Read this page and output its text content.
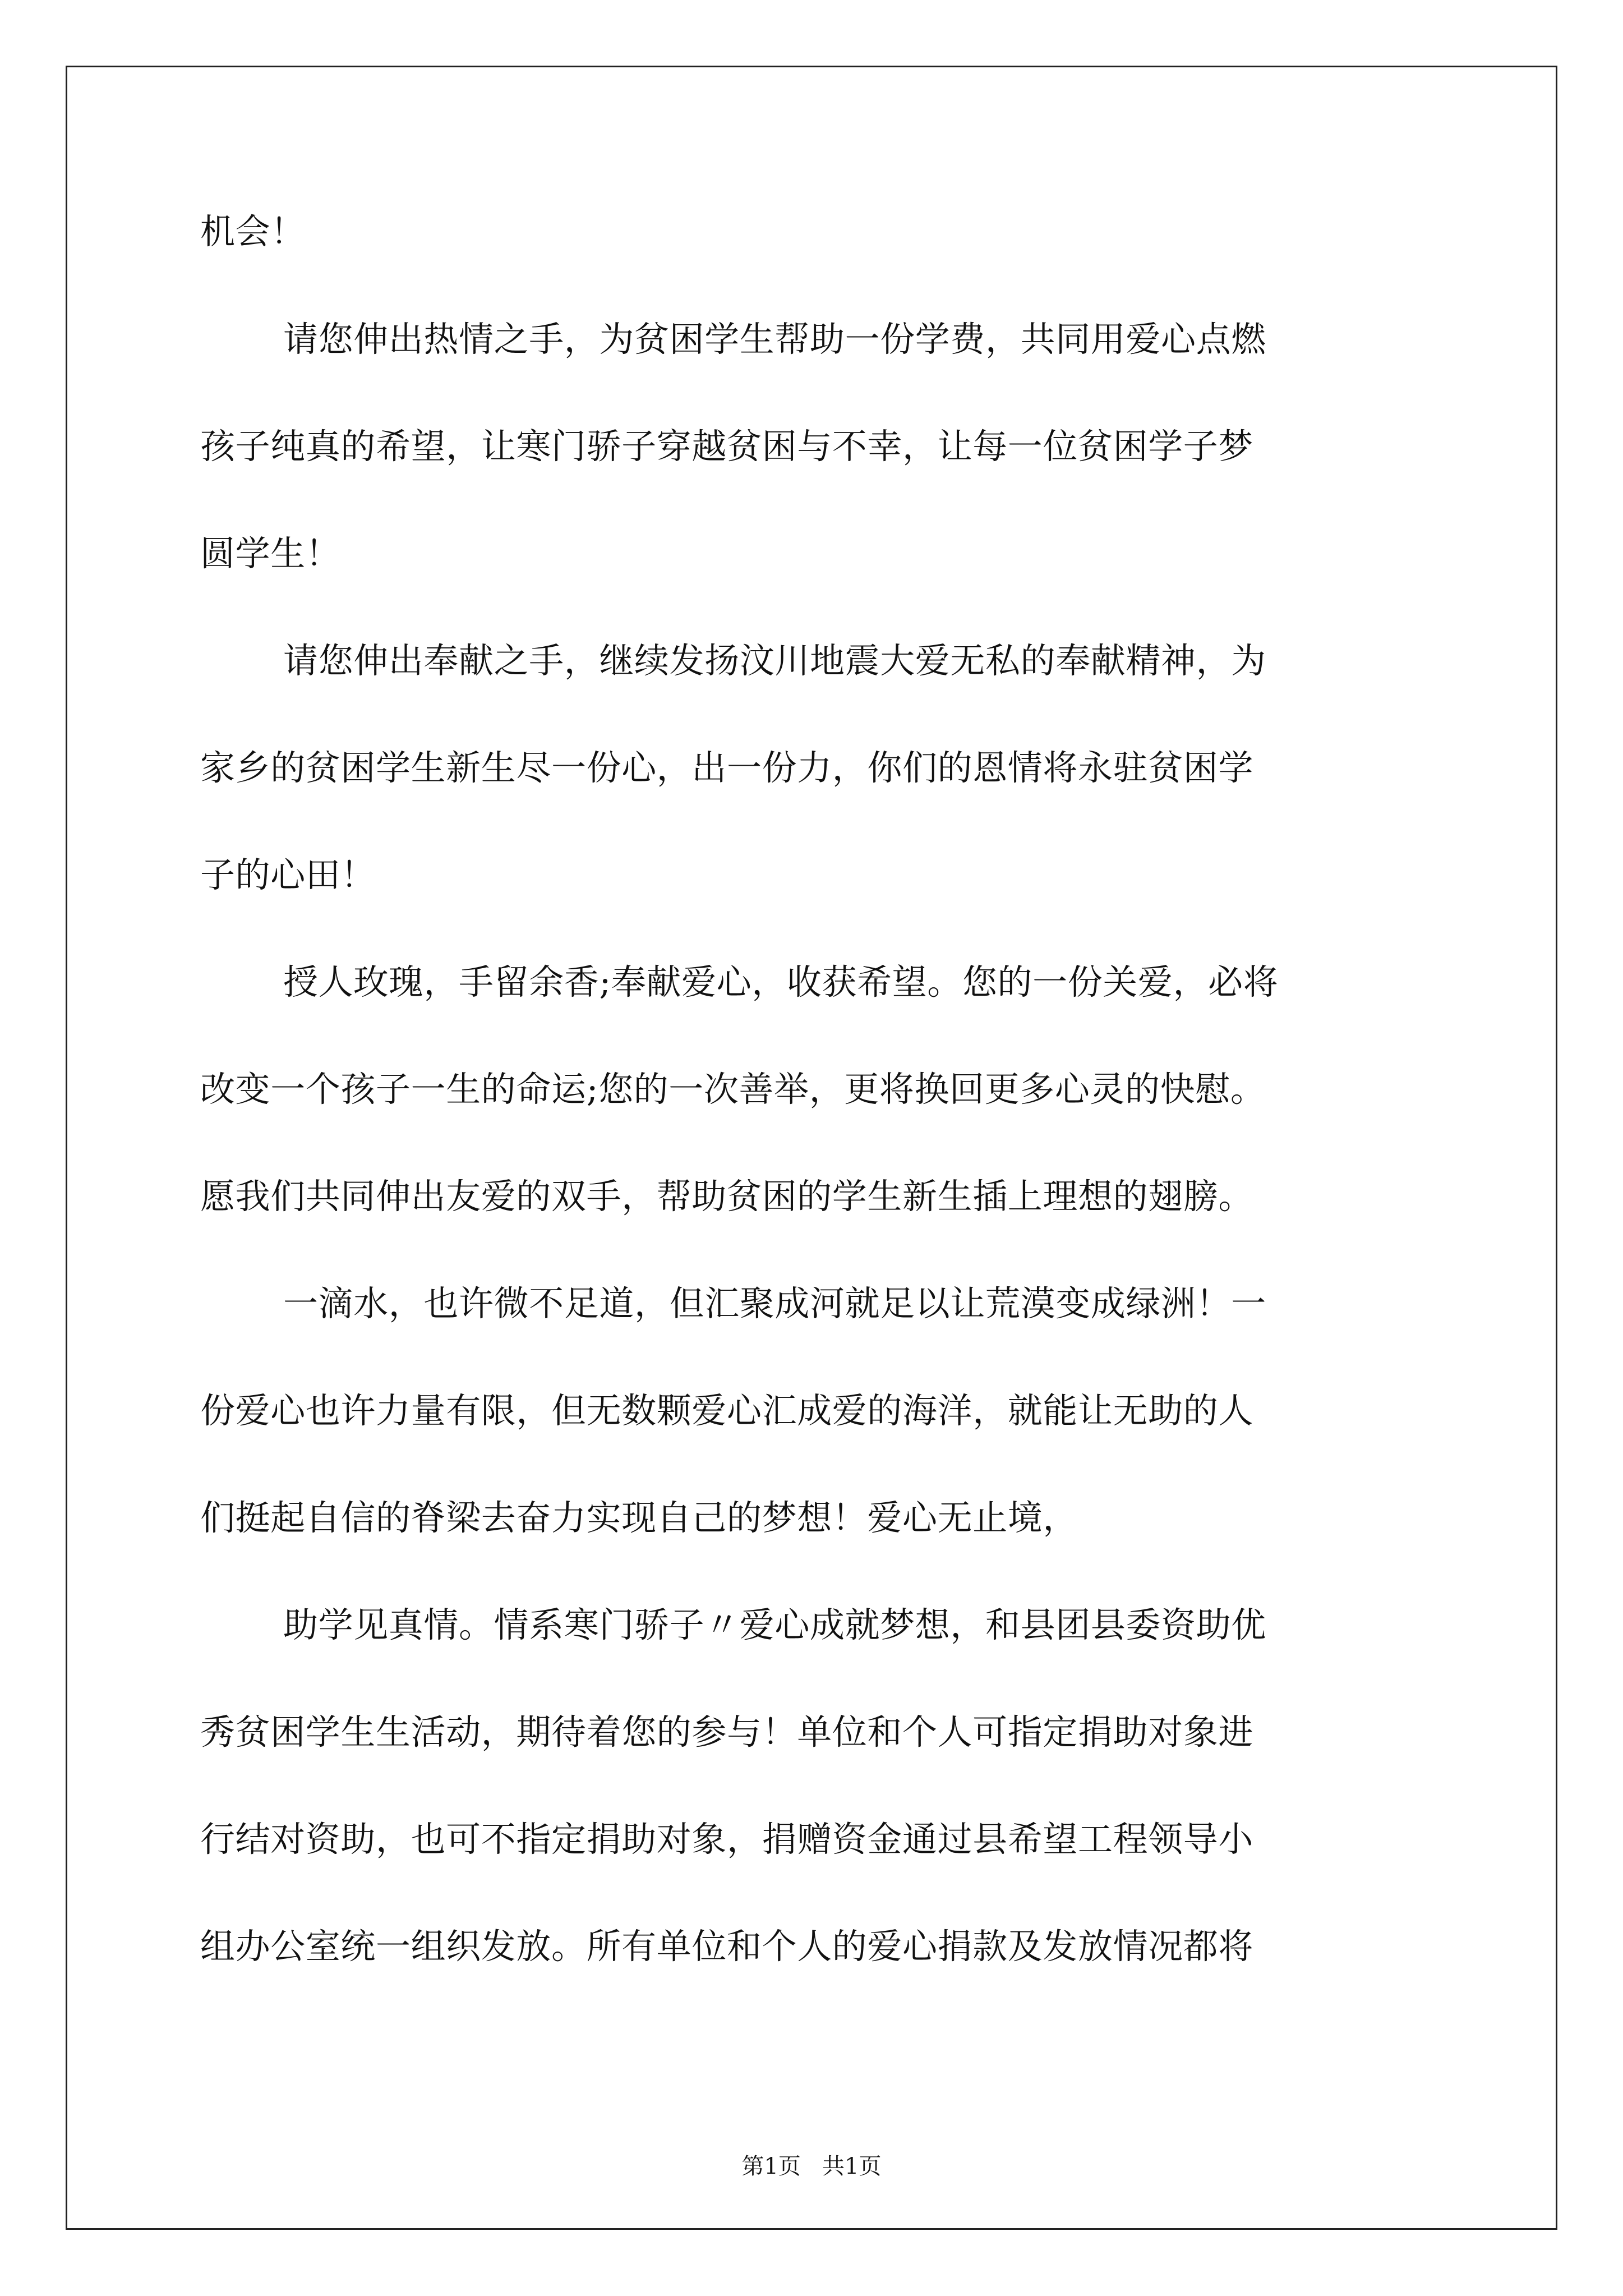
机会！
请您伸出热情之手，为贫困学生帮助一份学费，共同用爱心点燃
孩子纯真的希望，让寒门骄子穿越贫困与不幸，让每一位贫困学子梦
圆学生！
请您伸出奉献之手，继续发扬汶川地震大爱无私的奉献精神，为
家乡的贫困学生新生尽一份心，出一份力，你们的恩情将永驻贫困学
子的心田！
授人玫瑰，手留余香;奉献爱心，收获希望。您的一份关爱，必将
改变一个孩子一生的命运;您的一次善举，更将换回更多心灵的快慰。
愿我们共同伸出友爱的双手，帮助贫困的学生新生插上理想的翅膀。
一滴水，也许微不足道，但汇聚成河就足以让荒漠变成绿洲！一
份爱心也许力量有限，但无数颗爱心汇成爱的海洋，就能让无助的人
们挺起自信的脊梁去奋力实现自己的梦想！爱心无止境，
助学见真情。情系寒门骄子〃爱心成就梦想，和县团县委资助优
秀贫困学生生活动，期待着您的参与！单位和个人可指定捐助对象进
行结对资助，也可不指定捐助对象，捐赠资金通过县希望工程领导小
组办公室统一组织发放。所有单位和个人的爱心捐款及发放情况都将
第1页   共1页
